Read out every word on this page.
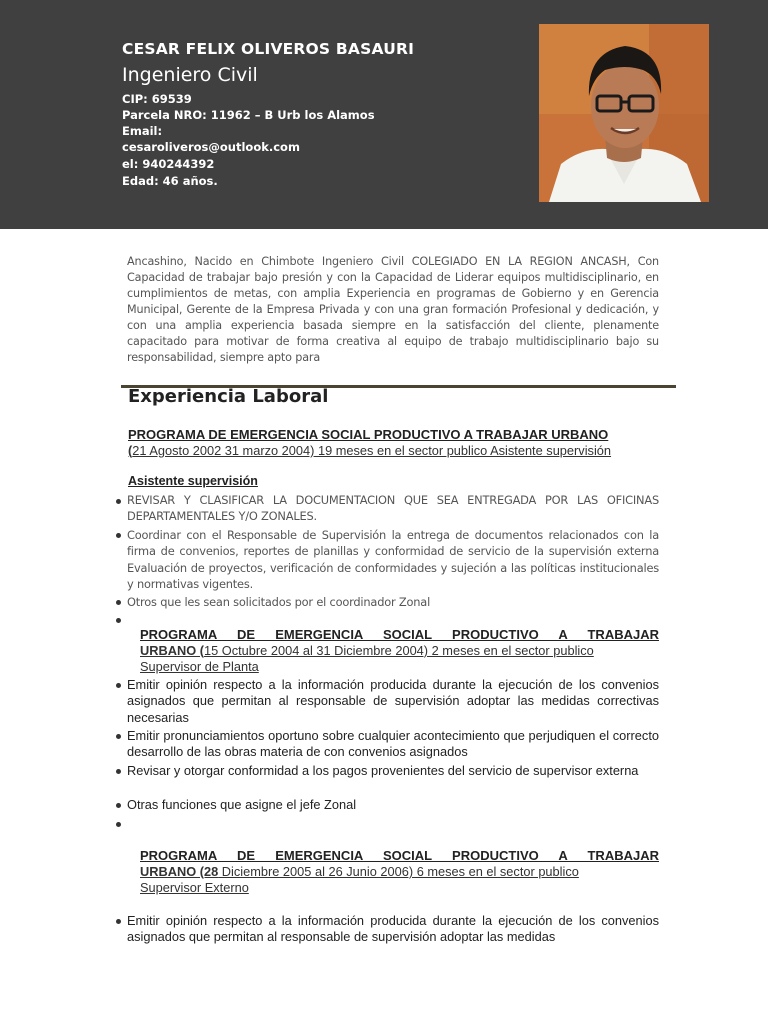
CESAR FELIX OLIVEROS BASAURI
Ingeniero Civil
CIP: 69539
Parcela NRO: 11962 – B Urb los Alamos
Email:
cesaroliveros@outlook.com
el: 940244392
Edad: 46 años.
Ancashino, Nacido en Chimbote Ingeniero Civil COLEGIADO EN LA REGION ANCASH, Con Capacidad de trabajar bajo presión y con la Capacidad de Liderar equipos multidisciplinario, en cumplimientos de metas, con amplia Experiencia en programas de Gobierno y en Gerencia Municipal, Gerente de la Empresa Privada y con una gran formación Profesional y dedicación, y con una amplia experiencia basada siempre en la satisfacción del cliente, plenamente capacitado para motivar de forma creativa al equipo de trabajo multidisciplinario bajo su responsabilidad, siempre apto para
Experiencia Laboral
PROGRAMA DE EMERGENCIA SOCIAL PRODUCTIVO A TRABAJAR URBANO
(21 Agosto 2002 31 marzo 2004) 19 meses en el sector publico Asistente supervisión
Asistente supervisión
REVISAR Y CLASIFICAR LA DOCUMENTACION QUE SEA ENTREGADA POR LAS OFICINAS DEPARTAMENTALES Y/O ZONALES.
Coordinar con el Responsable de Supervisión la entrega de documentos relacionados con la firma de convenios, reportes de planillas y conformidad de servicio de la supervisión externa Evaluación de proyectos, verificación de conformidades y sujeción a las políticas institucionales y normativas vigentes.
Otros que les sean solicitados por el coordinador Zonal
PROGRAMA DE EMERGENCIA SOCIAL PRODUCTIVO A TRABAJAR
URBANO (15 Octubre 2004 al 31 Diciembre 2004) 2 meses en el sector publico
Supervisor de Planta
Emitir opinión respecto a la información producida durante la ejecución de los convenios asignados que permitan al responsable de supervisión adoptar las medidas correctivas necesarias
Emitir pronunciamientos oportuno sobre cualquier acontecimiento que perjudiquen el correcto desarrollo de las obras materia de con convenios asignados
Revisar y otorgar conformidad a los pagos provenientes del servicio de supervisor externa
Otras funciones que asigne el jefe Zonal
PROGRAMA DE EMERGENCIA SOCIAL PRODUCTIVO A TRABAJAR
URBANO (28 Diciembre 2005 al 26 Junio 2006) 6 meses en el sector publico
Supervisor Externo
Emitir opinión respecto a la información producida durante la ejecución de los convenios asignados que permitan al responsable de supervisión adoptar las medidas
